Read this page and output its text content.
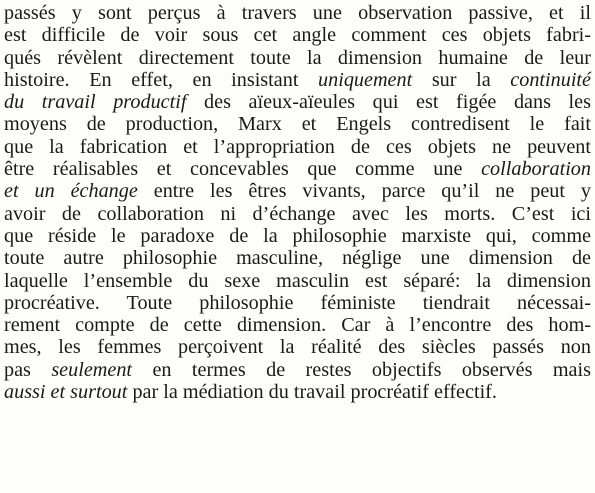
passés y sont perçus à travers une observation passive, et il
est difficile de voir sous cet angle comment ces objets fabri-
qués révèlent directement toute la dimension humaine de leur
histoire. En effet, en insistant uniquement sur la continuité
du travail productif des aïeux-aïeules qui est figée dans les
moyens de production, Marx et Engels contredisent le fait
que la fabrication et l’appropriation de ces objets ne peuvent
être réalisables et concevables que comme une collaboration
et un échange entre les êtres vivants, parce qu’il ne peut y
avoir de collaboration ni d’échange avec les morts. C’est ici
que réside le paradoxe de la philosophie marxiste qui, comme
toute autre philosophie masculine, néglige une dimension de
laquelle l’ensemble du sexe masculin est séparé: la dimension
procréative. Toute philosophie féministe tiendrait nécessai-
rement compte de cette dimension. Car à l’encontre des hom-
mes, les femmes perçoivent la réalité des siècles passés non
pas seulement en termes de restes objectifs observés mais
aussi et surtout par la médiation du travail procréatif effectif.
